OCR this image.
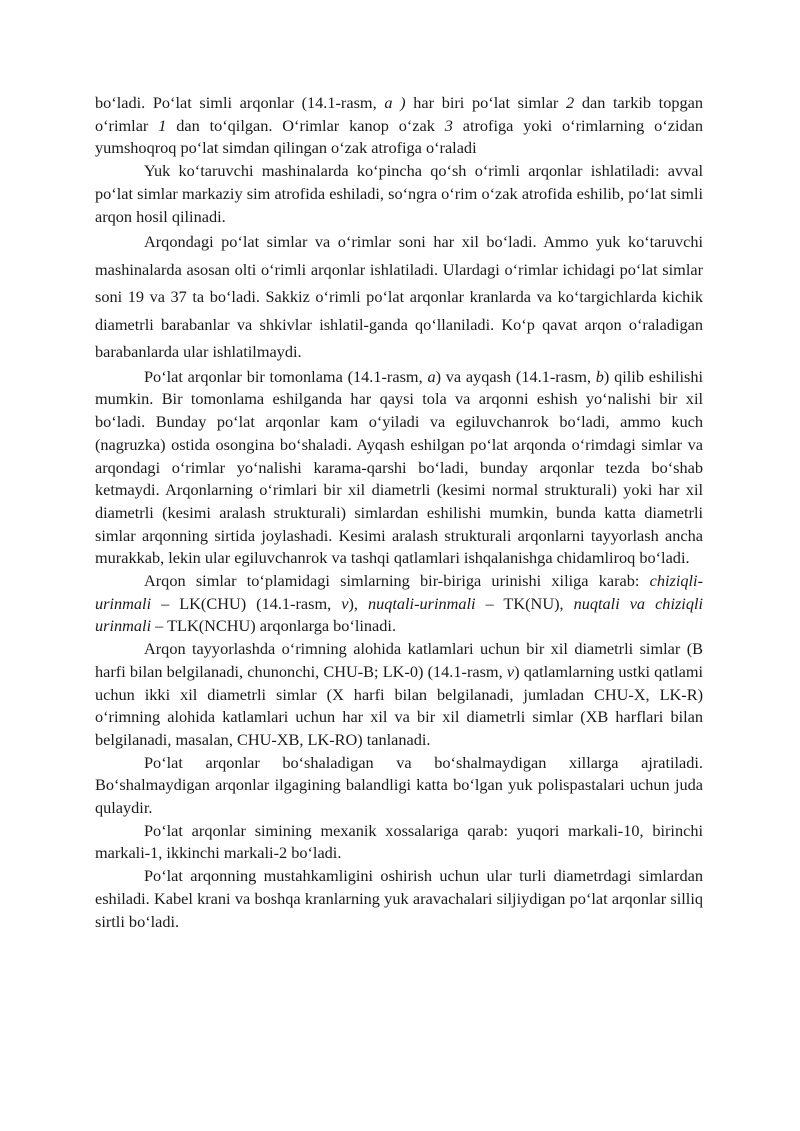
boʻladi. Poʻlat simli arqonlar (14.1-rasm, a ) har biri poʻlat simlar 2 dan tarkib topgan oʻrimlar 1 dan toʻqilgan. Oʻrimlar kanop oʻzak 3 atrofiga yoki oʻrimlarning oʻzidan yumshoqroq poʻlat simdan qilingan oʻzak atrofiga oʻraladi

Yuk koʻtaruvchi mashinalarda koʻpincha qoʻsh oʻrimli arqonlar ishlatiladi: avval poʻlat simlar markaziy sim atrofida eshiladi, soʻngra oʻrim oʻzak atrofida eshilib, poʻlat simli arqon hosil qilinadi.

Arqondagi poʻlat simlar va oʻrimlar soni har xil boʻladi. Ammo yuk koʻtaruvchi mashinalarda asosan olti oʻrimli arqonlar ishlatiladi. Ulardagi oʻrimlar ichidagi poʻlat simlar soni 19 va 37 ta boʻladi. Sakkiz oʻrimli poʻlat arqonlar kranlarda va koʻtargichlarda kichik diametrli barabanlar va shkivlar ishlatil-ganda qoʻllaniladi. Koʻp qavat arqon oʻraladigan barabanlarda ular ishlatilmaydi.

Poʻlat arqonlar bir tomonlama (14.1-rasm, a) va ayqash (14.1-rasm, b) qilib eshilishi mumkin. Bir tomonlama eshilganda har qaysi tola va arqonni eshish yoʻnalishi bir xil boʻladi. Bunday poʻlat arqonlar kam oʻyiladi va egiluvchanrok boʻladi, ammo kuch (nagruzka) ostida osongina boʻshaladi. Ayqash eshilgan poʻlat arqonda oʻrimdagi simlar va arqondagi oʻrimlar yoʻnalishi karama-qarshi boʻladi, bunday arqonlar tezda boʻshab ketmaydi. Arqonlarning oʻrimlari bir xil diametrli (kesimi normal strukturali) yoki har xil diametrli (kesimi aralash strukturali) simlardan eshilishi mumkin, bunda katta diametrli simlar arqonning sirtida joylashadi. Kesimi aralash strukturali arqonlarni tayyorlash ancha murakkab, lekin ular egiluvchanrok va tashqi qatlamlari ishqalanishga chidamliroq boʻladi.

Arqon simlar toʻplamidagi simlarning bir-biriga urinishi xiliga karab: chiziqli-urinmali – LK(CHU) (14.1-rasm, v), nuqtali-urinmali – TK(NU), nuqtali va chiziqli urinmali – TLK(NCHU) arqonlarga boʻlinadi.

Arqon tayyorlashda oʻrimning alohida katlamlari uchun bir xil diametrli simlar (B harfi bilan belgilanadi, chunonchi, CHU-B; LK-0) (14.1-rasm, v) qatlamlarning ustki qatlami uchun ikki xil diametrli simlar (X harfi bilan belgilanadi, jumladan CHU-X, LK-R) oʻrimning alohida katlamlari uchun har xil va bir xil diametrli simlar (XB harflari bilan belgilanadi, masalan, CHU-XB, LK-RO) tanlanadi.

Poʻlat arqonlar boʻshaladigan va boʻshalmaydigan xillarga ajratiladi. Boʻshalmaydigan arqonlar ilgagining balandligi katta boʻlgan yuk polispastalari uchun juda qulaydir.

Poʻlat arqonlar simining mexanik xossalariga qarab: yuqori markali-10, birinchi markali-1, ikkinchi markali-2 boʻladi.

Poʻlat arqonning mustahkamligini oshirish uchun ular turli diametrdagi simlardan eshiladi. Kabel krani va boshqa kranlarning yuk aravachalari siljiydigan poʻlat arqonlar silliq sirtli boʻladi.
